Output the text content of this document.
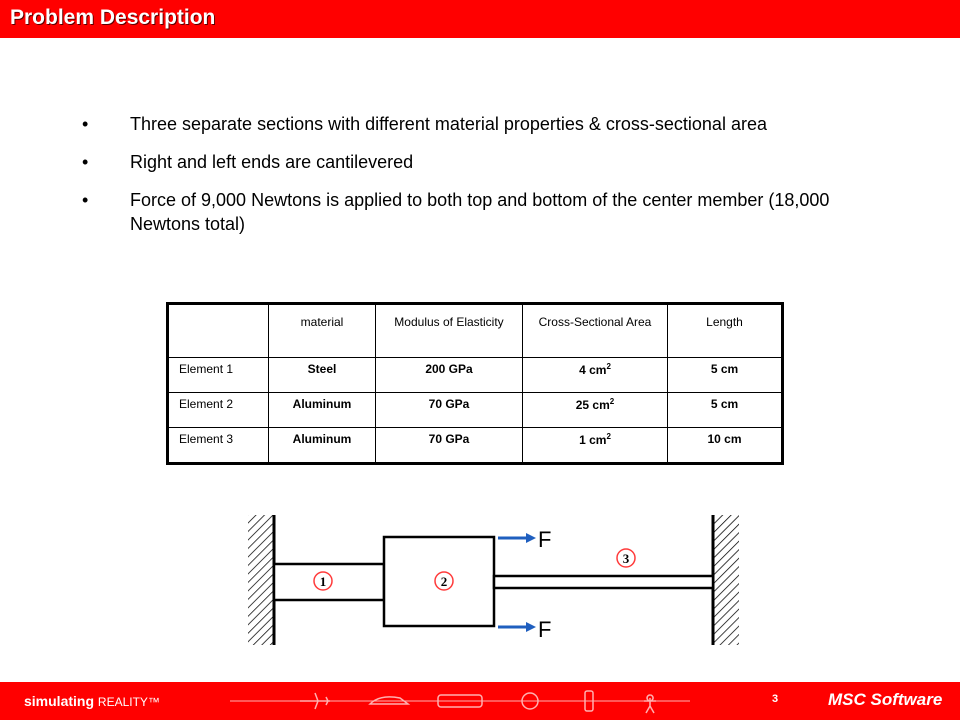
Problem Description
• Three separate sections with different material properties & cross-sectional area
• Right and left ends are cantilevered
• Force of 9,000 Newtons is applied to both top and bottom of the center member (18,000 Newtons total)
	material	Modulus of Elasticity	Cross-Sectional Area	Length
Element 1	Steel	200 GPa	4 $cm^2$	5 cm
Element 2	Aluminum	70 GPa	25 $cm^2$	5 cm
Element 3	Aluminum	70 GPa	1 $cm^2$	10 cm
F
F
1	2
3
simulating REALITY™	3	MSC Software
